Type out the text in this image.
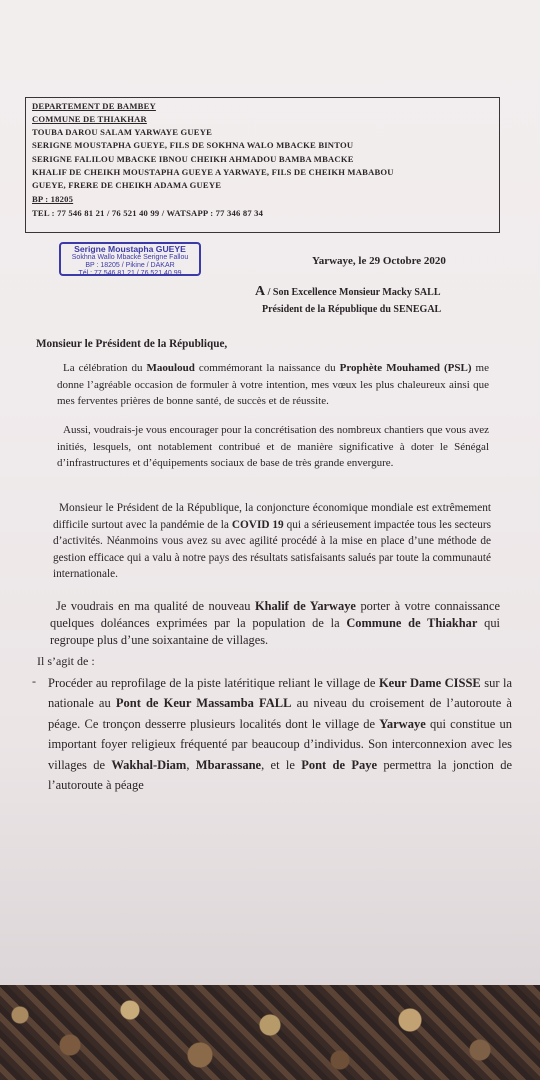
DEPARTEMENT DE BAMBEY
COMMUNE DE THIAKHAR
TOUBA DAROU SALAM YARWAYE GUEYE
SERIGNE MOUSTAPHA GUEYE, FILS DE SOKHNA WALO MBACKE BINTOU
SERIGNE FALILOU MBACKE IBNOU CHEIKH AHMADOU BAMBA MBACKE
KHALIF DE CHEIKH MOUSTAPHA GUEYE A YARWAYE, FILS DE CHEIKH MABABOU
GUEYE, FRERE DE CHEIKH ADAMA GUEYE
BP : 18205
TEL : 77 546 81 21 / 76 521 40 99 / WATSAPP : 77 346 87 34
Serigne Moustapha GUEYE
Sokhna Wallo Mbacké Serigne Fallou
BP : 18205 / Pikine / DAKAR
Tél : 77 546 81 21 / 76 521 40 99
Yarwaye, le 29 Octobre 2020
A / Son Excellence Monsieur Macky SALL
Président de la République du SENEGAL
Monsieur le Président de la République,
La célébration du Maouloud commémorant la naissance du Prophète Mouhamed (PSL) me donne l’agréable occasion de formuler à votre intention, mes vœux les plus chaleureux ainsi que mes ferventes prières de bonne santé, de succès et de réussite.
Aussi, voudrais-je vous encourager pour la concrétisation des nombreux chantiers que vous avez initiés, lesquels, ont notablement contribué et de manière significative à doter le Sénégal d’infrastructures et d’équipements sociaux de base de très grande envergure.
Monsieur le Président de la République, la conjoncture économique mondiale est extrêmement difficile surtout avec la pandémie de la COVID 19 qui a sérieusement impactée tous les secteurs d’activités. Néanmoins vous avez su avec agilité procédé à la mise en place d’une méthode de gestion efficace qui a valu à notre pays des résultats satisfaisants salués par toute la communauté internationale.
Je voudrais en ma qualité de nouveau Khalif de Yarwaye porter à votre connaissance quelques doléances exprimées par la population de la Commune de Thiakhar qui regroupe plus d’une soixantaine de villages.
Il s’agit de :
- Procéder au reprofilage de la piste latéritique reliant le village de Keur Dame CISSE sur la nationale au Pont de Keur Massamba FALL au niveau du croisement de l’autoroute à péage. Ce tronçon desserre plusieurs localités dont le village de Yarwaye qui constitue un important foyer religieux fréquenté par beaucoup d’individus. Son interconnexion avec les villages de Wakhal-Diam, Mbarassane, et le Pont de Paye permettra la jonction de l’autoroute à péage
